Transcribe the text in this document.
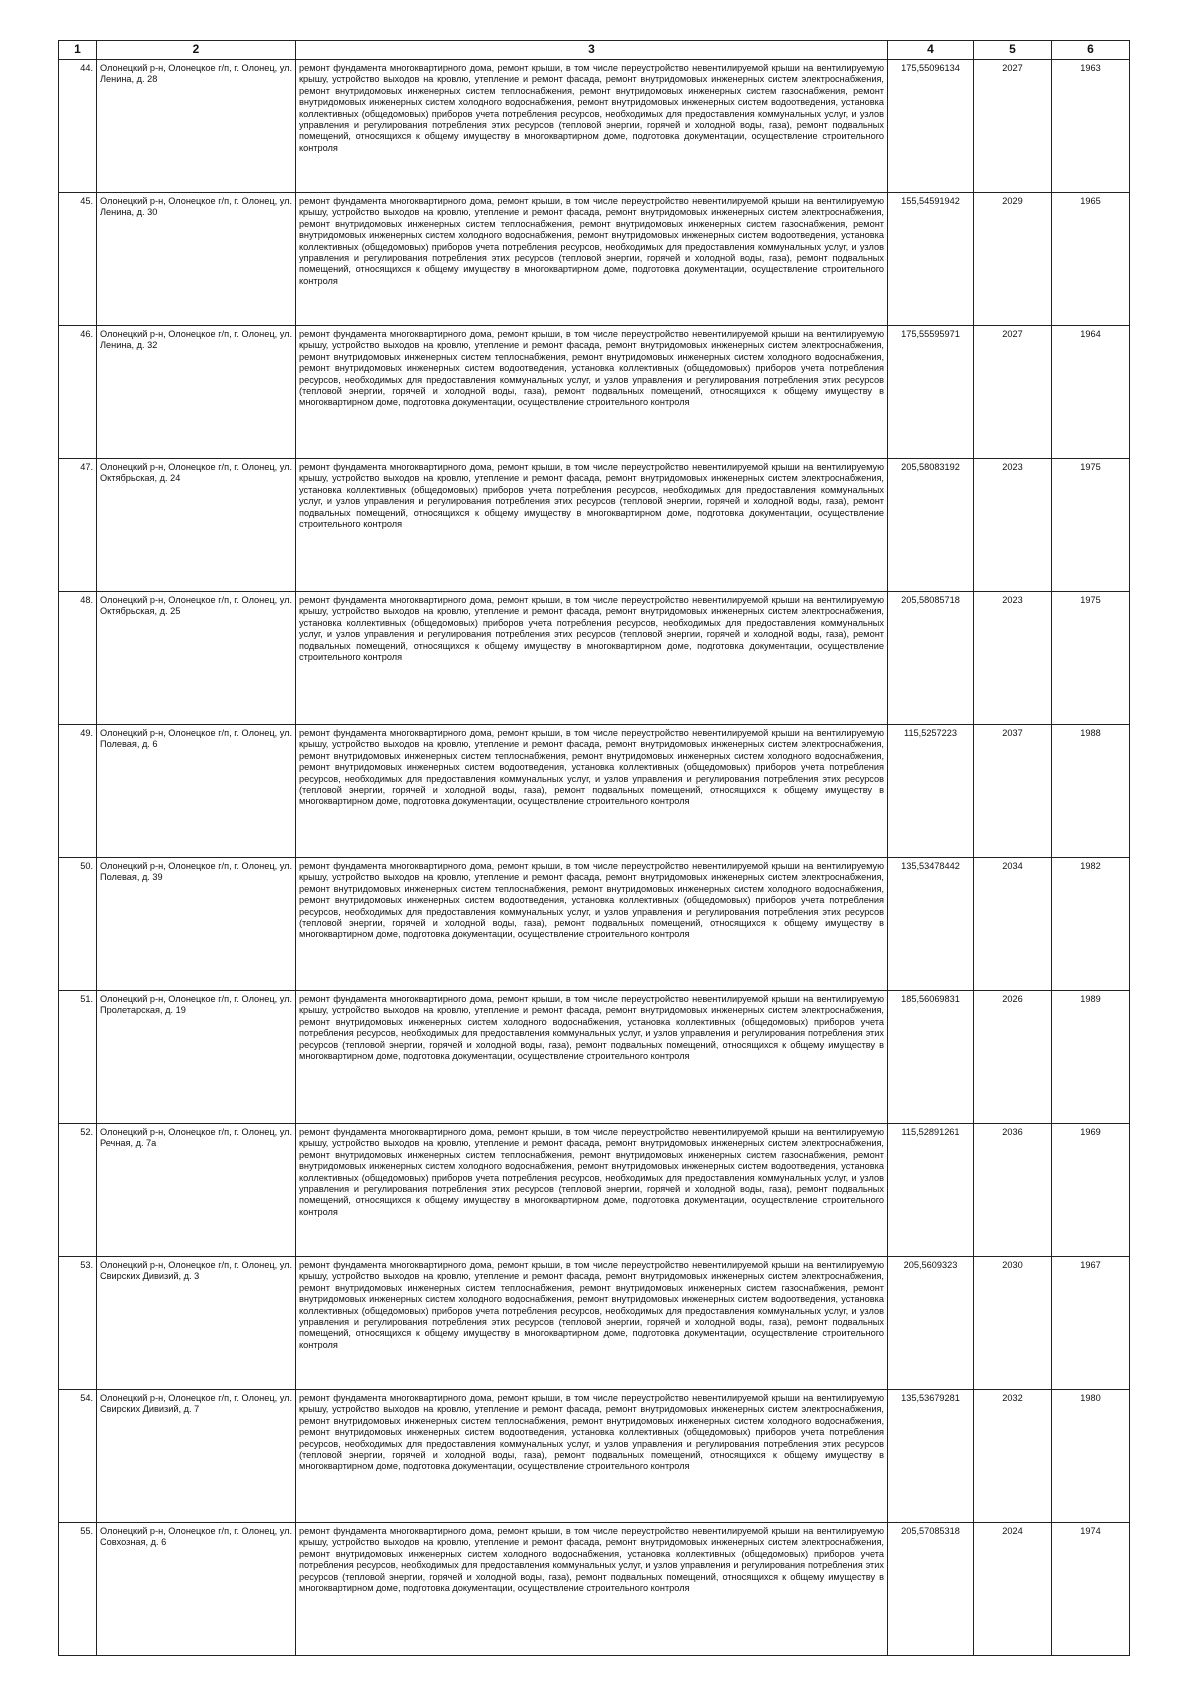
1	2	3	4	5	6
44.	Олонецкий р-н, Олонецкое г/п, г. Олонец, ул. Ленина, д. 28	ремонт фундамента многоквартирного дома, ремонт крыши, в том числе переустройство невентилируемой крыши на вентилируемую крышу, устройство выходов на кровлю, утепление и ремонт фасада, ремонт внутридомовых инженерных систем электроснабжения, ремонт внутридомовых инженерных систем теплоснабжения, ремонт внутридомовых инженерных систем газоснабжения, ремонт внутридомовых инженерных систем холодного водоснабжения, ремонт внутридомовых инженерных систем водоотведения, установка коллективных (общедомовых) приборов учета потребления ресурсов, необходимых для предоставления коммунальных услуг, и узлов управления и регулирования потребления этих ресурсов (тепловой энергии, горячей и холодной воды, газа), ремонт подвальных помещений, относящихся к общему имуществу в многоквартирном доме, подготовка документации, осуществление строительного контроля	175,55096134	2027	1963
45.	Олонецкий р-н, Олонецкое г/п, г. Олонец, ул. Ленина, д. 30	ремонт фундамента многоквартирного дома, ремонт крыши, в том числе переустройство невентилируемой крыши на вентилируемую крышу, устройство выходов на кровлю, утепление и ремонт фасада, ремонт внутридомовых инженерных систем электроснабжения, ремонт внутридомовых инженерных систем теплоснабжения, ремонт внутридомовых инженерных систем газоснабжения, ремонт внутридомовых инженерных систем холодного водоснабжения, ремонт внутридомовых инженерных систем водоотведения, установка коллективных (общедомовых) приборов учета потребления ресурсов, необходимых для предоставления коммунальных услуг, и узлов управления и регулирования потребления этих ресурсов (тепловой энергии, горячей и холодной воды, газа), ремонт подвальных помещений, относящихся к общему имуществу в многоквартирном доме, подготовка документации, осуществление строительного контроля	155,54591942	2029	1965
46.	Олонецкий р-н, Олонецкое г/п, г. Олонец, ул. Ленина, д. 32	ремонт фундамента многоквартирного дома, ремонт крыши, в том числе переустройство невентилируемой крыши на вентилируемую крышу, устройство выходов на кровлю, утепление и ремонт фасада, ремонт внутридомовых инженерных систем электроснабжения, ремонт внутридомовых инженерных систем теплоснабжения, ремонт внутридомовых инженерных систем холодного водоснабжения, ремонт внутридомовых инженерных систем водоотведения, установка коллективных (общедомовых) приборов учета потребления ресурсов, необходимых для предоставления коммунальных услуг, и узлов управления и регулирования потребления этих ресурсов (тепловой энергии, горячей и холодной воды, газа), ремонт подвальных помещений, относящихся к общему имуществу в многоквартирном доме, подготовка документации, осуществление строительного контроля	175,55595971	2027	1964
47.	Олонецкий р-н, Олонецкое г/п, г. Олонец, ул. Октябрьская, д. 24	ремонт фундамента многоквартирного дома, ремонт крыши, в том числе переустройство невентилируемой крыши на вентилируемую крышу, устройство выходов на кровлю, утепление и ремонт фасада, ремонт внутридомовых инженерных систем электроснабжения, установка коллективных (общедомовых) приборов учета потребления ресурсов, необходимых для предоставления коммунальных услуг, и узлов управления и регулирования потребления этих ресурсов (тепловой энергии, горячей и холодной воды, газа), ремонт подвальных помещений, относящихся к общему имуществу в многоквартирном доме, подготовка документации, осуществление строительного контроля	205,58083192	2023	1975
48.	Олонецкий р-н, Олонецкое г/п, г. Олонец, ул. Октябрьская, д. 25	ремонт фундамента многоквартирного дома, ремонт крыши, в том числе переустройство невентилируемой крыши на вентилируемую крышу, устройство выходов на кровлю, утепление и ремонт фасада, ремонт внутридомовых инженерных систем электроснабжения, установка коллективных (общедомовых) приборов учета потребления ресурсов, необходимых для предоставления коммунальных услуг, и узлов управления и регулирования потребления этих ресурсов (тепловой энергии, горячей и холодной воды, газа), ремонт подвальных помещений, относящихся к общему имуществу в многоквартирном доме, подготовка документации, осуществление строительного контроля	205,58085718	2023	1975
49.	Олонецкий р-н, Олонецкое г/п, г. Олонец, ул. Полевая, д. 6	ремонт фундамента многоквартирного дома, ремонт крыши, в том числе переустройство невентилируемой крыши на вентилируемую крышу, устройство выходов на кровлю, утепление и ремонт фасада, ремонт внутридомовых инженерных систем электроснабжения, ремонт внутридомовых инженерных систем теплоснабжения, ремонт внутридомовых инженерных систем холодного водоснабжения, ремонт внутридомовых инженерных систем водоотведения, установка коллективных (общедомовых) приборов учета потребления ресурсов, необходимых для предоставления коммунальных услуг, и узлов управления и регулирования потребления этих ресурсов (тепловой энергии, горячей и холодной воды, газа), ремонт подвальных помещений, относящихся к общему имуществу в многоквартирном доме, подготовка документации, осуществление строительного контроля	115,5257223	2037	1988
50.	Олонецкий р-н, Олонецкое г/п, г. Олонец, ул. Полевая, д. 39	ремонт фундамента многоквартирного дома, ремонт крыши, в том числе переустройство невентилируемой крыши на вентилируемую крышу, устройство выходов на кровлю, утепление и ремонт фасада, ремонт внутридомовых инженерных систем электроснабжения, ремонт внутридомовых инженерных систем теплоснабжения, ремонт внутридомовых инженерных систем холодного водоснабжения, ремонт внутридомовых инженерных систем водоотведения, установка коллективных (общедомовых) приборов учета потребления ресурсов, необходимых для предоставления коммунальных услуг, и узлов управления и регулирования потребления этих ресурсов (тепловой энергии, горячей и холодной воды, газа), ремонт подвальных помещений, относящихся к общему имуществу в многоквартирном доме, подготовка документации, осуществление строительного контроля	135,53478442	2034	1982
51.	Олонецкий р-н, Олонецкое г/п, г. Олонец, ул. Пролетарская, д. 19	ремонт фундамента многоквартирного дома, ремонт крыши, в том числе переустройство невентилируемой крыши на вентилируемую крышу, устройство выходов на кровлю, утепление и ремонт фасада, ремонт внутридомовых инженерных систем электроснабжения, ремонт внутридомовых инженерных систем холодного водоснабжения, установка коллективных (общедомовых) приборов учета потребления ресурсов, необходимых для предоставления коммунальных услуг, и узлов управления и регулирования потребления этих ресурсов (тепловой энергии, горячей и холодной воды, газа), ремонт подвальных помещений, относящихся к общему имуществу в многоквартирном доме, подготовка документации, осуществление строительного контроля	185,56069831	2026	1989
52.	Олонецкий р-н, Олонецкое г/п, г. Олонец, ул. Речная, д. 7а	ремонт фундамента многоквартирного дома, ремонт крыши, в том числе переустройство невентилируемой крыши на вентилируемую крышу, устройство выходов на кровлю, утепление и ремонт фасада, ремонт внутридомовых инженерных систем электроснабжения, ремонт внутридомовых инженерных систем теплоснабжения, ремонт внутридомовых инженерных систем газоснабжения, ремонт внутридомовых инженерных систем холодного водоснабжения, ремонт внутридомовых инженерных систем водоотведения, установка коллективных (общедомовых) приборов учета потребления ресурсов, необходимых для предоставления коммунальных услуг, и узлов управления и регулирования потребления этих ресурсов (тепловой энергии, горячей и холодной воды, газа), ремонт подвальных помещений, относящихся к общему имуществу в многоквартирном доме, подготовка документации, осуществление строительного контроля	115,52891261	2036	1969
53.	Олонецкий р-н, Олонецкое г/п, г. Олонец, ул. Свирских Дивизий, д. 3	ремонт фундамента многоквартирного дома, ремонт крыши, в том числе переустройство невентилируемой крыши на вентилируемую крышу, устройство выходов на кровлю, утепление и ремонт фасада, ремонт внутридомовых инженерных систем электроснабжения, ремонт внутридомовых инженерных систем теплоснабжения, ремонт внутридомовых инженерных систем газоснабжения, ремонт внутридомовых инженерных систем холодного водоснабжения, ремонт внутридомовых инженерных систем водоотведения, установка коллективных (общедомовых) приборов учета потребления ресурсов, необходимых для предоставления коммунальных услуг, и узлов управления и регулирования потребления этих ресурсов (тепловой энергии, горячей и холодной воды, газа), ремонт подвальных помещений, относящихся к общему имуществу в многоквартирном доме, подготовка документации, осуществление строительного контроля	205,5609323	2030	1967
54.	Олонецкий р-н, Олонецкое г/п, г. Олонец, ул. Свирских Дивизий, д. 7	ремонт фундамента многоквартирного дома, ремонт крыши, в том числе переустройство невентилируемой крыши на вентилируемую крышу, устройство выходов на кровлю, утепление и ремонт фасада, ремонт внутридомовых инженерных систем электроснабжения, ремонт внутридомовых инженерных систем теплоснабжения, ремонт внутридомовых инженерных систем холодного водоснабжения, ремонт внутридомовых инженерных систем водоотведения, установка коллективных (общедомовых) приборов учета потребления ресурсов, необходимых для предоставления коммунальных услуг, и узлов управления и регулирования потребления этих ресурсов (тепловой энергии, горячей и холодной воды, газа), ремонт подвальных помещений, относящихся к общему имуществу в многоквартирном доме, подготовка документации, осуществление строительного контроля	135,53679281	2032	1980
55.	Олонецкий р-н, Олонецкое г/п, г. Олонец, ул. Совхозная, д. 6	ремонт фундамента многоквартирного дома, ремонт крыши, в том числе переустройство невентилируемой крыши на вентилируемую крышу, устройство выходов на кровлю, утепление и ремонт фасада, ремонт внутридомовых инженерных систем электроснабжения, ремонт внутридомовых инженерных систем холодного водоснабжения, установка коллективных (общедомовых) приборов учета потребления ресурсов, необходимых для предоставления коммунальных услуг, и узлов управления и регулирования потребления этих ресурсов (тепловой энергии, горячей и холодной воды, газа), ремонт подвальных помещений, относящихся к общему имуществу в многоквартирном доме, подготовка документации, осуществление строительного контроля	205,57085318	2024	1974
